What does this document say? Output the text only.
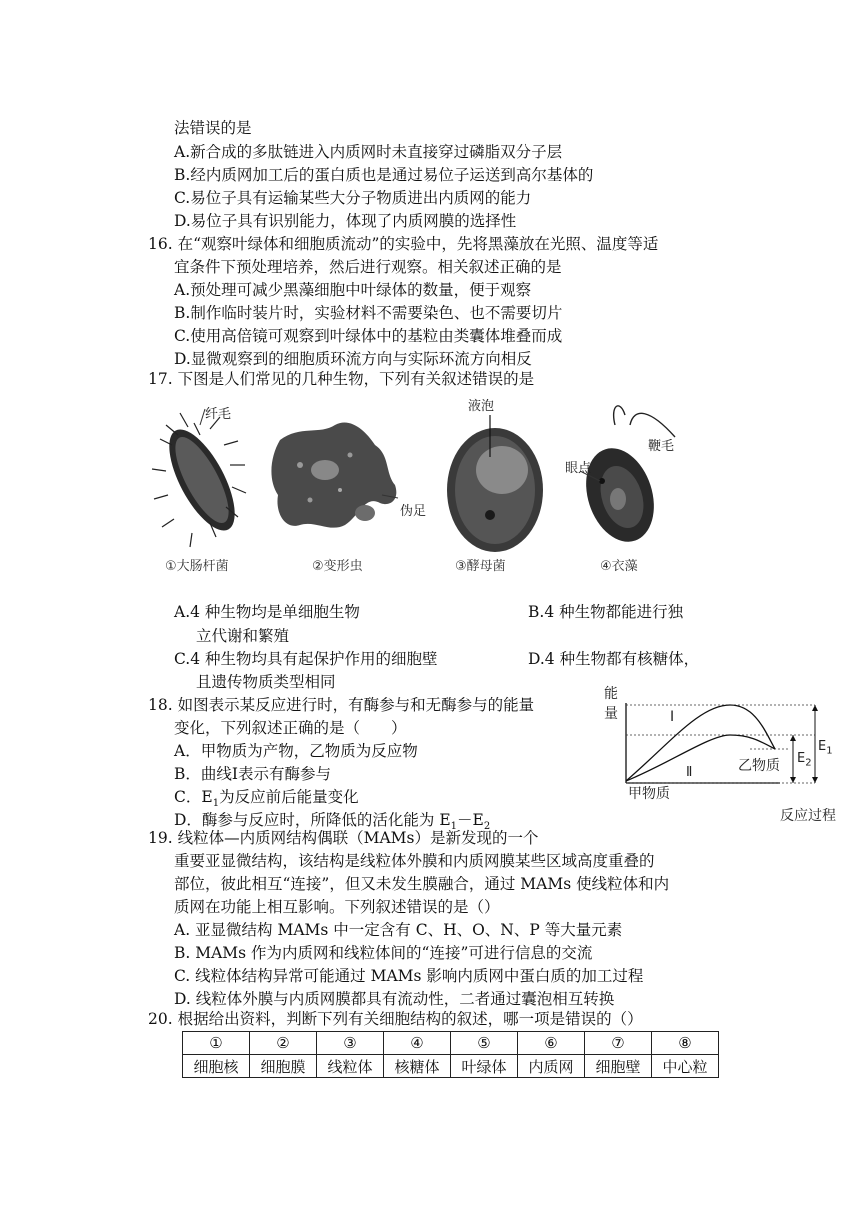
法错误的是
A.新合成的多肽链进入内质网时未直接穿过磷脂双分子层
B.经内质网加工后的蛋白质也是通过易位子运送到高尔基体的
C.易位子具有运输某些大分子物质进出内质网的能力
D.易位子具有识别能力，体现了内质网膜的选择性
16. 在“观察叶绿体和细胞质流动”的实验中，先将黑藻放在光照、温度等适
宜条件下预处理培养，然后进行观察。相关叙述正确的是
A.预处理可减少黑藻细胞中叶绿体的数量，便于观察
B.制作临时装片时，实验材料不需要染色、也不需要切片
C.使用高倍镜可观察到叶绿体中的基粒由类囊体堆叠而成
D.显微观察到的细胞质环流方向与实际环流方向相反
17. 下图是人们常见的几种生物，下列有关叙述错误的是
纤毛
伪足
液泡
鞭毛
眼点
①大肠杆菌	②变形虫	③酵母菌	④衣藻
A.4 种生物均是单细胞生物	B.4 种生物都能进行独
立代谢和繁殖
C.4 种生物均具有起保护作用的细胞壁	D.4 种生物都有核糖体，
且遗传物质类型相同
18. 如图表示某反应进行时，有酶参与和无酶参与的能量
变化，下列叙述正确的是（　　）
A．甲物质为产物，乙物质为反应物
B．曲线Ⅰ表示有酶参与
C．$E_1$为反应前后能量变化
D．酶参与反应时，所降低的活化能为 $E_1-E_2$
能
量	Ⅰ
Ⅱ
甲物质
乙物质 $E_2$
$E_1$
反应过程
19. 线粒体—内质网结构偶联（MAMs）是新发现的一个
重要亚显微结构，该结构是线粒体外膜和内质网膜某些区域高度重叠的
部位，彼此相互“连接”，但又未发生膜融合，通过 MAMs 使线粒体和内
质网在功能上相互影响。下列叙述错误的是（）
A. 亚显微结构 MAMs 中一定含有 C、H、O、N、P 等大量元素
B. MAMs 作为内质网和线粒体间的“连接”可进行信息的交流
C. 线粒体结构异常可能通过 MAMs 影响内质网中蛋白质的加工过程
D. 线粒体外膜与内质网膜都具有流动性，二者通过囊泡相互转换
20. 根据给出资料，判断下列有关细胞结构的叙述，哪一项是错误的（）
①	②	③	④	⑤	⑥	⑦	⑧
细胞核	细胞膜	线粒体	核糖体	叶绿体	内质网	细胞壁	中心粒
